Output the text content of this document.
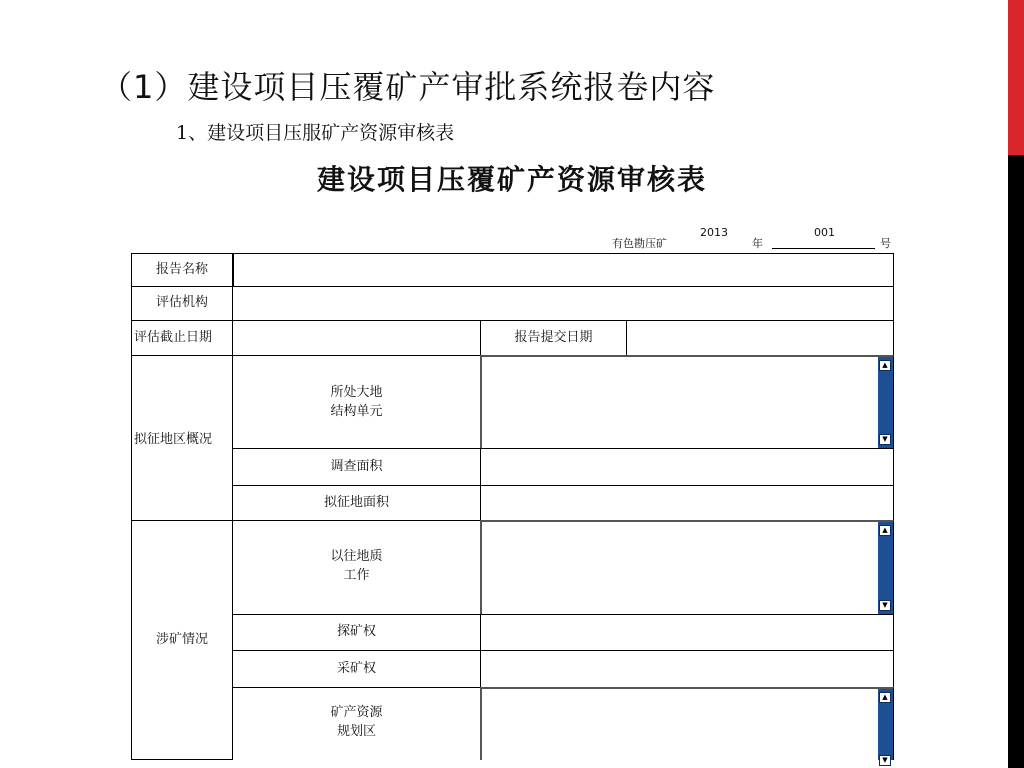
（1）建设项目压覆矿产审批系统报卷内容
1、建设项目压服矿产资源审核表
建设项目压覆矿产资源审核表
有色勘压矿
2013
年
001
号
报告名称
评估机构
评估截止日期	报告提交日期
拟征地区概况
所处大地
结构单元
▲
▼
调查面积
拟征地面积
涉矿情况
以往地质
工作
▲
▼
探矿权
采矿权
矿产资源
规划区
▲
▼
